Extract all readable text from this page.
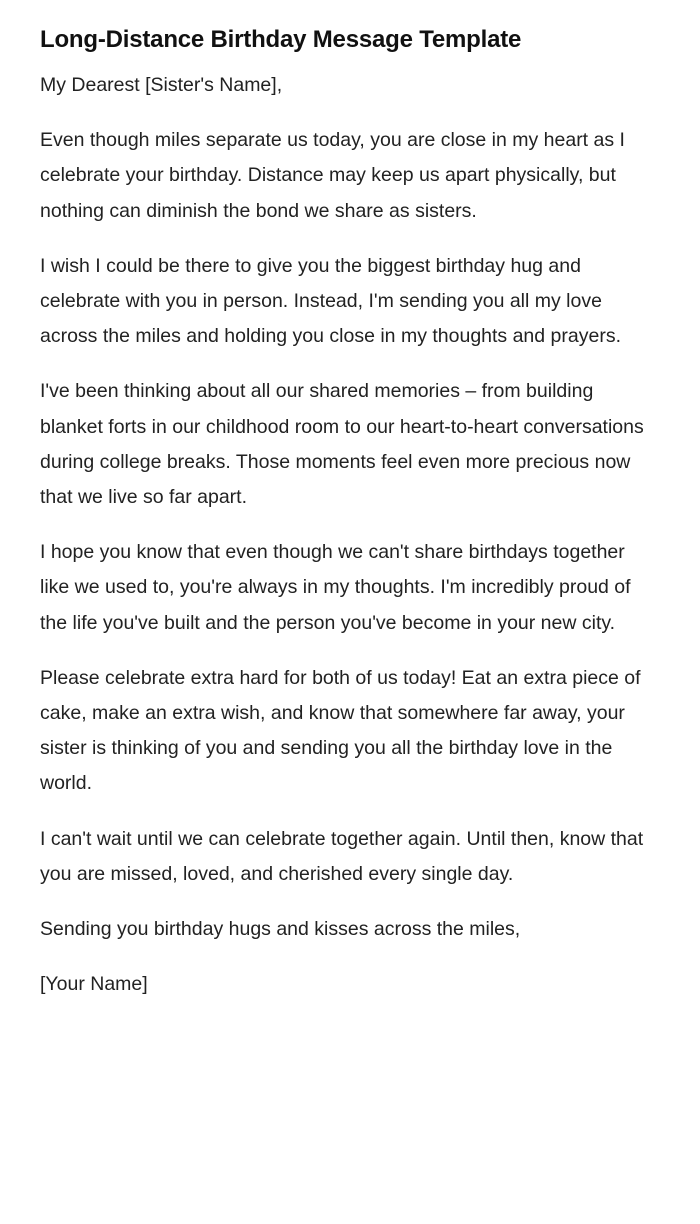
Long-Distance Birthday Message Template

My Dearest [Sister's Name],

Even though miles separate us today, you are close in my heart as I celebrate your birthday. Distance may keep us apart physically, but nothing can diminish the bond we share as sisters.

I wish I could be there to give you the biggest birthday hug and celebrate with you in person. Instead, I'm sending you all my love across the miles and holding you close in my thoughts and prayers.

I've been thinking about all our shared memories – from building blanket forts in our childhood room to our heart-to-heart conversations during college breaks. Those moments feel even more precious now that we live so far apart.

I hope you know that even though we can't share birthdays together like we used to, you're always in my thoughts. I'm incredibly proud of the life you've built and the person you've become in your new city.

Please celebrate extra hard for both of us today! Eat an extra piece of cake, make an extra wish, and know that somewhere far away, your sister is thinking of you and sending you all the birthday love in the world.

I can't wait until we can celebrate together again. Until then, know that you are missed, loved, and cherished every single day.

Sending you birthday hugs and kisses across the miles,

[Your Name]
